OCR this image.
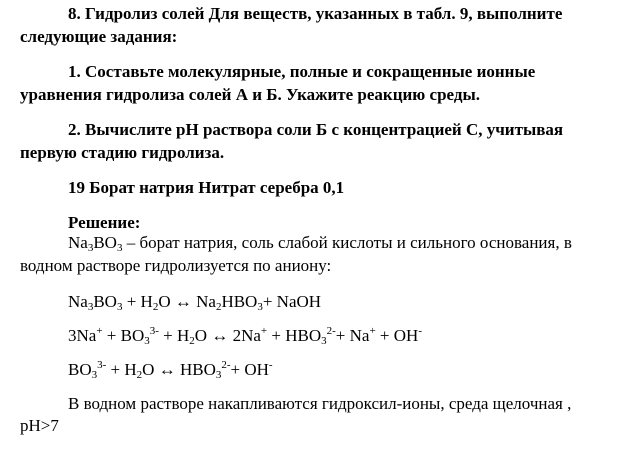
8. Гидролиз солей Для веществ, указанных в табл. 9, выполните
следующие задания:
1. Составьте молекулярные, полные и сокращенные ионные
уравнения гидролиза солей А и Б. Укажите реакцию среды.
2. Вычислите рН раствора соли Б с концентрацией С, учитывая
первую стадию гидролиза.
19 Борат натрия Нитрат серебра 0,1
Решение:
$Na_3BO_3$ – борат натрия, соль слабой кислоты и сильного основания, в
водном растворе гидролизуется по аниону:
$Na_3BO_3 + H_2O$ ↔ $Na_2HBO_3+$ NaOH
$3Na^+ + BO_3^{3-} + H_2O$ ↔ $2Na^+ + HBO_3^{2-}+ Na^+ + OH^-$
$BO_3^{3-} + H_2O$ ↔ $HBO_3^{2-}+ OH^-$
В водном растворе накапливаются гидроксил-ионы, среда щелочная ,
pH>7
